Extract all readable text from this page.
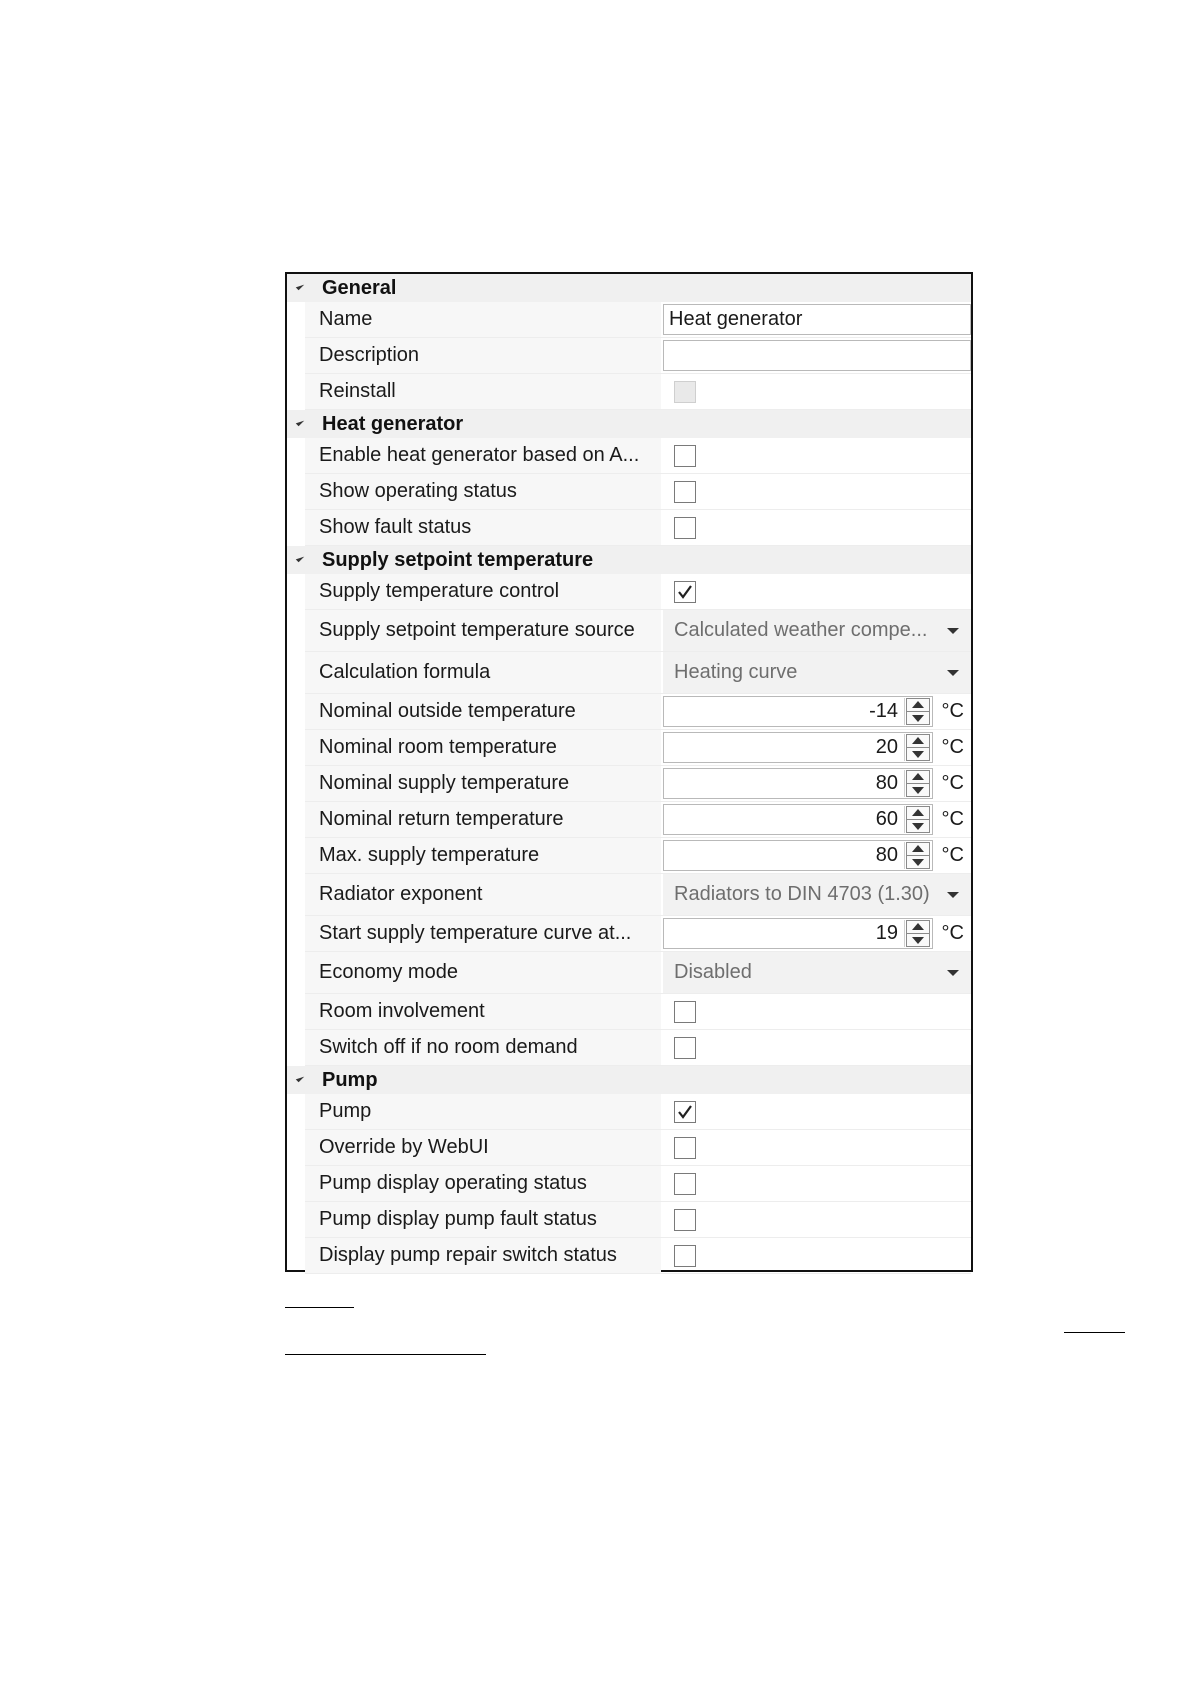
General
Name	Heat generator
Description
Reinstall
Heat generator
Enable heat generator based on A...
Show operating status
Show fault status
Supply setpoint temperature
Supply temperature control
Supply setpoint temperature source	Calculated weather compe...
Calculation formula	Heating curve
Nominal outside temperature	-14 °C
Nominal room temperature	20 °C
Nominal supply temperature	80 °C
Nominal return temperature	60 °C
Max. supply temperature	80 °C
Radiator exponent	Radiators to DIN 4703 (1.30)
Start supply temperature curve at...	19 °C
Economy mode	Disabled
Room involvement
Switch off if no room demand
Pump
Pump
Override by WebUI
Pump display operating status
Pump display pump fault status
Display pump repair switch status
